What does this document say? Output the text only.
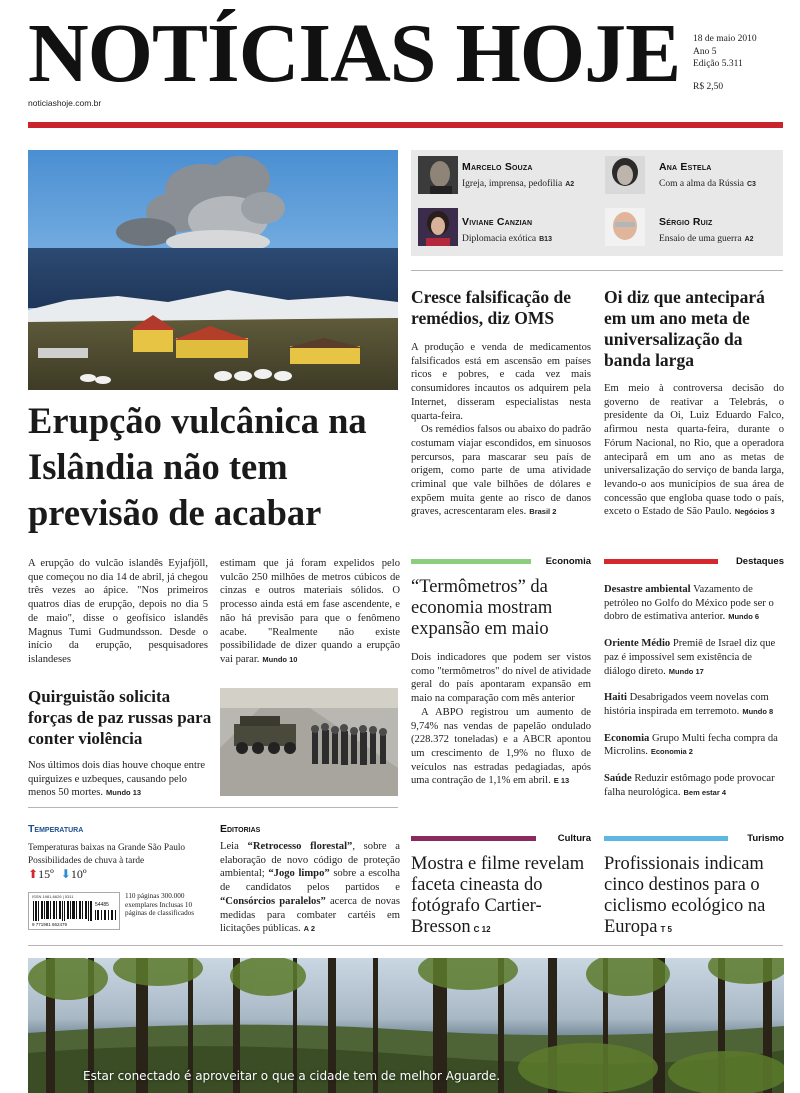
NOTÍCIAS HOJE
noticiashoje.com.br
18 de maio 2010
Ano 5
Edição 5.311
R$ 2,50
Erupção vulcânica na Islândia não tem previsão de acabar
A erupção do vulcão islandês Eyjafjöll, que começou no dia 14 de abril, já chegou três vezes ao ápice. "Nos primeiros quatros dias de erupção, depois no dia 5 de maio", disse o geofísico islandês Magnus Tumi Gudmundsson. Desde o início da erupção, pesquisadores islandeses
estimam que já foram expelidos pelo vulcão 250 milhões de metros cúbicos de cinzas e outros materiais sólidos. O processo ainda está em fase ascendente, e não há previsão para que o fenômeno acabe. "Realmente não existe possibilidade de dizer quando a erupção vai parar. Mundo 10
Quirguistão solicita forças de paz russas para conter violência
Nos últimos dois dias houve choque entre quirguizes e uzbeques, causando pelo menos 50 mortes. Mundo 13
Marcelo Souza
Igreja, imprensa, pedofilia A2
Ana Estela
Com a alma da Rússia C3
Viviane Canzian
Diplomacia exótica B13
Sérgio Ruiz
Ensaio de uma guerra A2
Cresce falsificação de remédios, diz OMS

A produção e venda de medicamentos falsificados está em ascensão em países ricos e pobres, e cada vez mais consumidores incautos os adquirem pela Internet, disseram especialistas nesta quarta-feira.

Os remédios falsos ou abaixo do padrão costumam viajar escondidos, em sinuosos percursos, para mascarar seu país de origem, como parte de uma atividade criminal que vale bilhões de dólares e expõem muita gente ao risco de danos graves, acrescentaram eles. Brasil 2

Oi diz que antecipará em um ano meta de universalização da banda larga
Em meio à controversa decisão do governo de reativar a Telebrás, o presidente da Oi, Luiz Eduardo Falco, afirmou nesta quarta-feira, durante o Fórum Nacional, no Rio, que a operadora anteciparå em um ano as metas de universalização do serviço de banda larga, levando-o aos municípios de sua área de concessão que engloba quase todo o país, exceto o Estado de São Paulo. Negócios 3
Economia
“Termômetros” da economia mostram expansão em maio

Dois indicadores que podem ser vistos como "termômetros" do nível de atividade geral do país apontaram expansão em maio na comparação com mês anterior

A ABPO registrou um aumento de 9,74% nas vendas de papelão ondulado (228.372 toneladas) e a ABCR apontou um crescimento de 1,9% no fluxo de veículos nas estradas pedagiadas, após uma contração de 1,1% em abril. E 13

Destaques

Desastre ambiental Vazamento de petróleo no Golfo do México pode ser o dobro de estimativa anterior. Mundo 6

Oriente Médio Premiê de Israel diz que paz é impossível sem existência de diálogo direto. Mundo 17

Haiti Desabrigados veem novelas com história inspirada em terremoto. Mundo 8

Economia Grupo Multi fecha compra da Microlins. Economia 2

Saúde Reduzir estômago pode provocar falha neurológica. Bem estar 4

Temperatura
Temperaturas baixas na Grande São Paulo
Possibilidades de chuva à tarde
⬆15º ⬇10º
ISSN 1981-6626 | 5311
54485
9 771981 662479
110 páginas 300.000 exemplares Inclusas 10 páginas de classificados
Editorias
Leia “Retrocesso florestal”, sobre a elaboração de novo código de proteção ambiental; “Jogo limpo” sobre a escolha de candidatos pelos partidos e “Consórcios paralelos” acerca de novas medidas para combater cartéis em licitações públicas. A 2
Cultura
Mostra e filme revelam faceta cineasta do fotógrafo Cartier-Bresson C 12
Turismo
Profissionais indicam cinco destinos para o ciclismo ecológico na Europa T 5
Estar conectado é aproveitar o que a cidade tem de melhor Aguarde.
